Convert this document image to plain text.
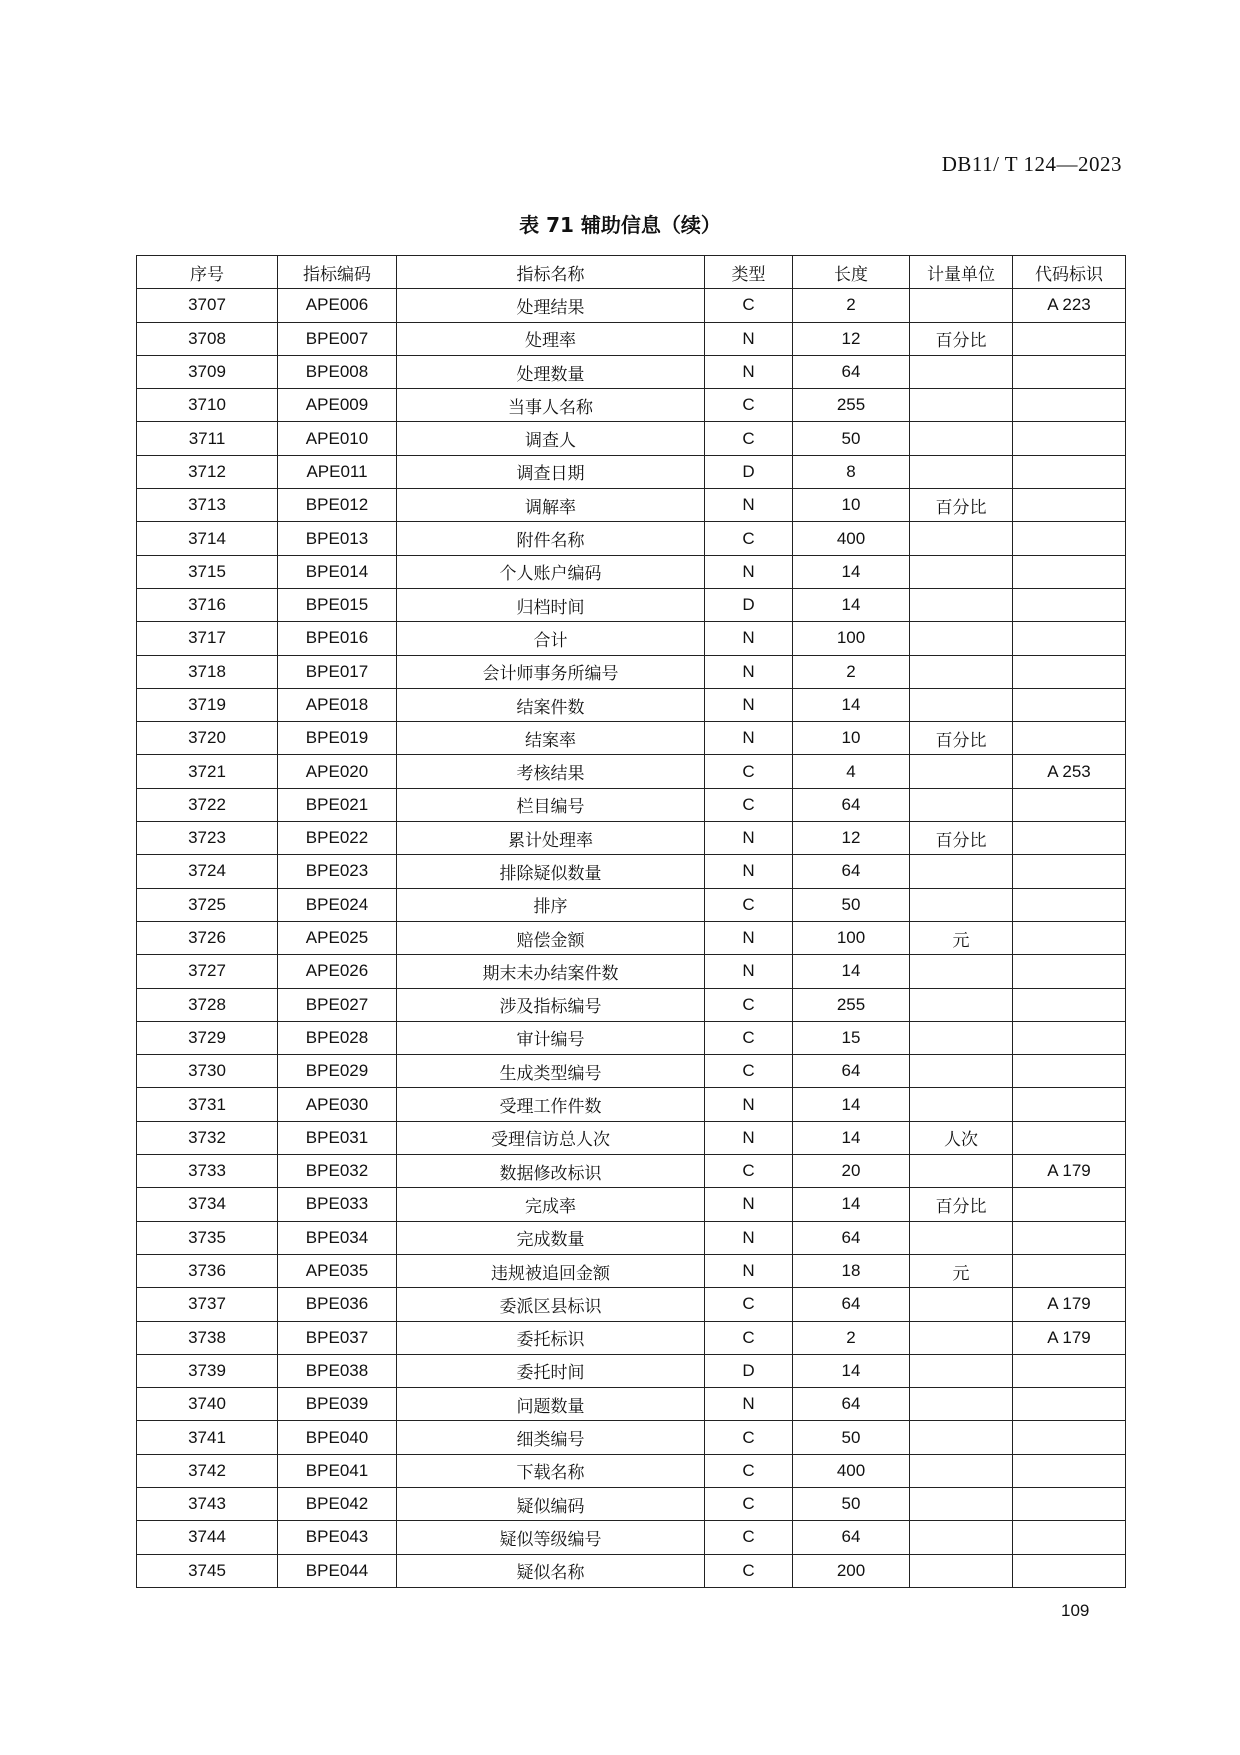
DB11/ T 124—2023
表 71 辅助信息（续）
序号	指标编码	指标名称	类型	长度	计量单位	代码标识
3707	APE006	处理结果	C	2		A 223
3708	BPE007	处理率	N	12	百分比	
3709	BPE008	处理数量	N	64		
3710	APE009	当事人名称	C	255		
3711	APE010	调查人	C	50		
3712	APE011	调查日期	D	8		
3713	BPE012	调解率	N	10	百分比	
3714	BPE013	附件名称	C	400		
3715	BPE014	个人账户编码	N	14		
3716	BPE015	归档时间	D	14		
3717	BPE016	合计	N	100		
3718	BPE017	会计师事务所编号	N	2		
3719	APE018	结案件数	N	14		
3720	BPE019	结案率	N	10	百分比	
3721	APE020	考核结果	C	4		A 253
3722	BPE021	栏目编号	C	64		
3723	BPE022	累计处理率	N	12	百分比	
3724	BPE023	排除疑似数量	N	64		
3725	BPE024	排序	C	50		
3726	APE025	赔偿金额	N	100	元	
3727	APE026	期末未办结案件数	N	14		
3728	BPE027	涉及指标编号	C	255		
3729	BPE028	审计编号	C	15		
3730	BPE029	生成类型编号	C	64		
3731	APE030	受理工作件数	N	14		
3732	BPE031	受理信访总人次	N	14	人次	
3733	BPE032	数据修改标识	C	20		A 179
3734	BPE033	完成率	N	14	百分比	
3735	BPE034	完成数量	N	64		
3736	APE035	违规被追回金额	N	18	元	
3737	BPE036	委派区县标识	C	64		A 179
3738	BPE037	委托标识	C	2		A 179
3739	BPE038	委托时间	D	14		
3740	BPE039	问题数量	N	64		
3741	BPE040	细类编号	C	50		
3742	BPE041	下载名称	C	400		
3743	BPE042	疑似编码	C	50		
3744	BPE043	疑似等级编号	C	64		
3745	BPE044	疑似名称	C	200		
109
